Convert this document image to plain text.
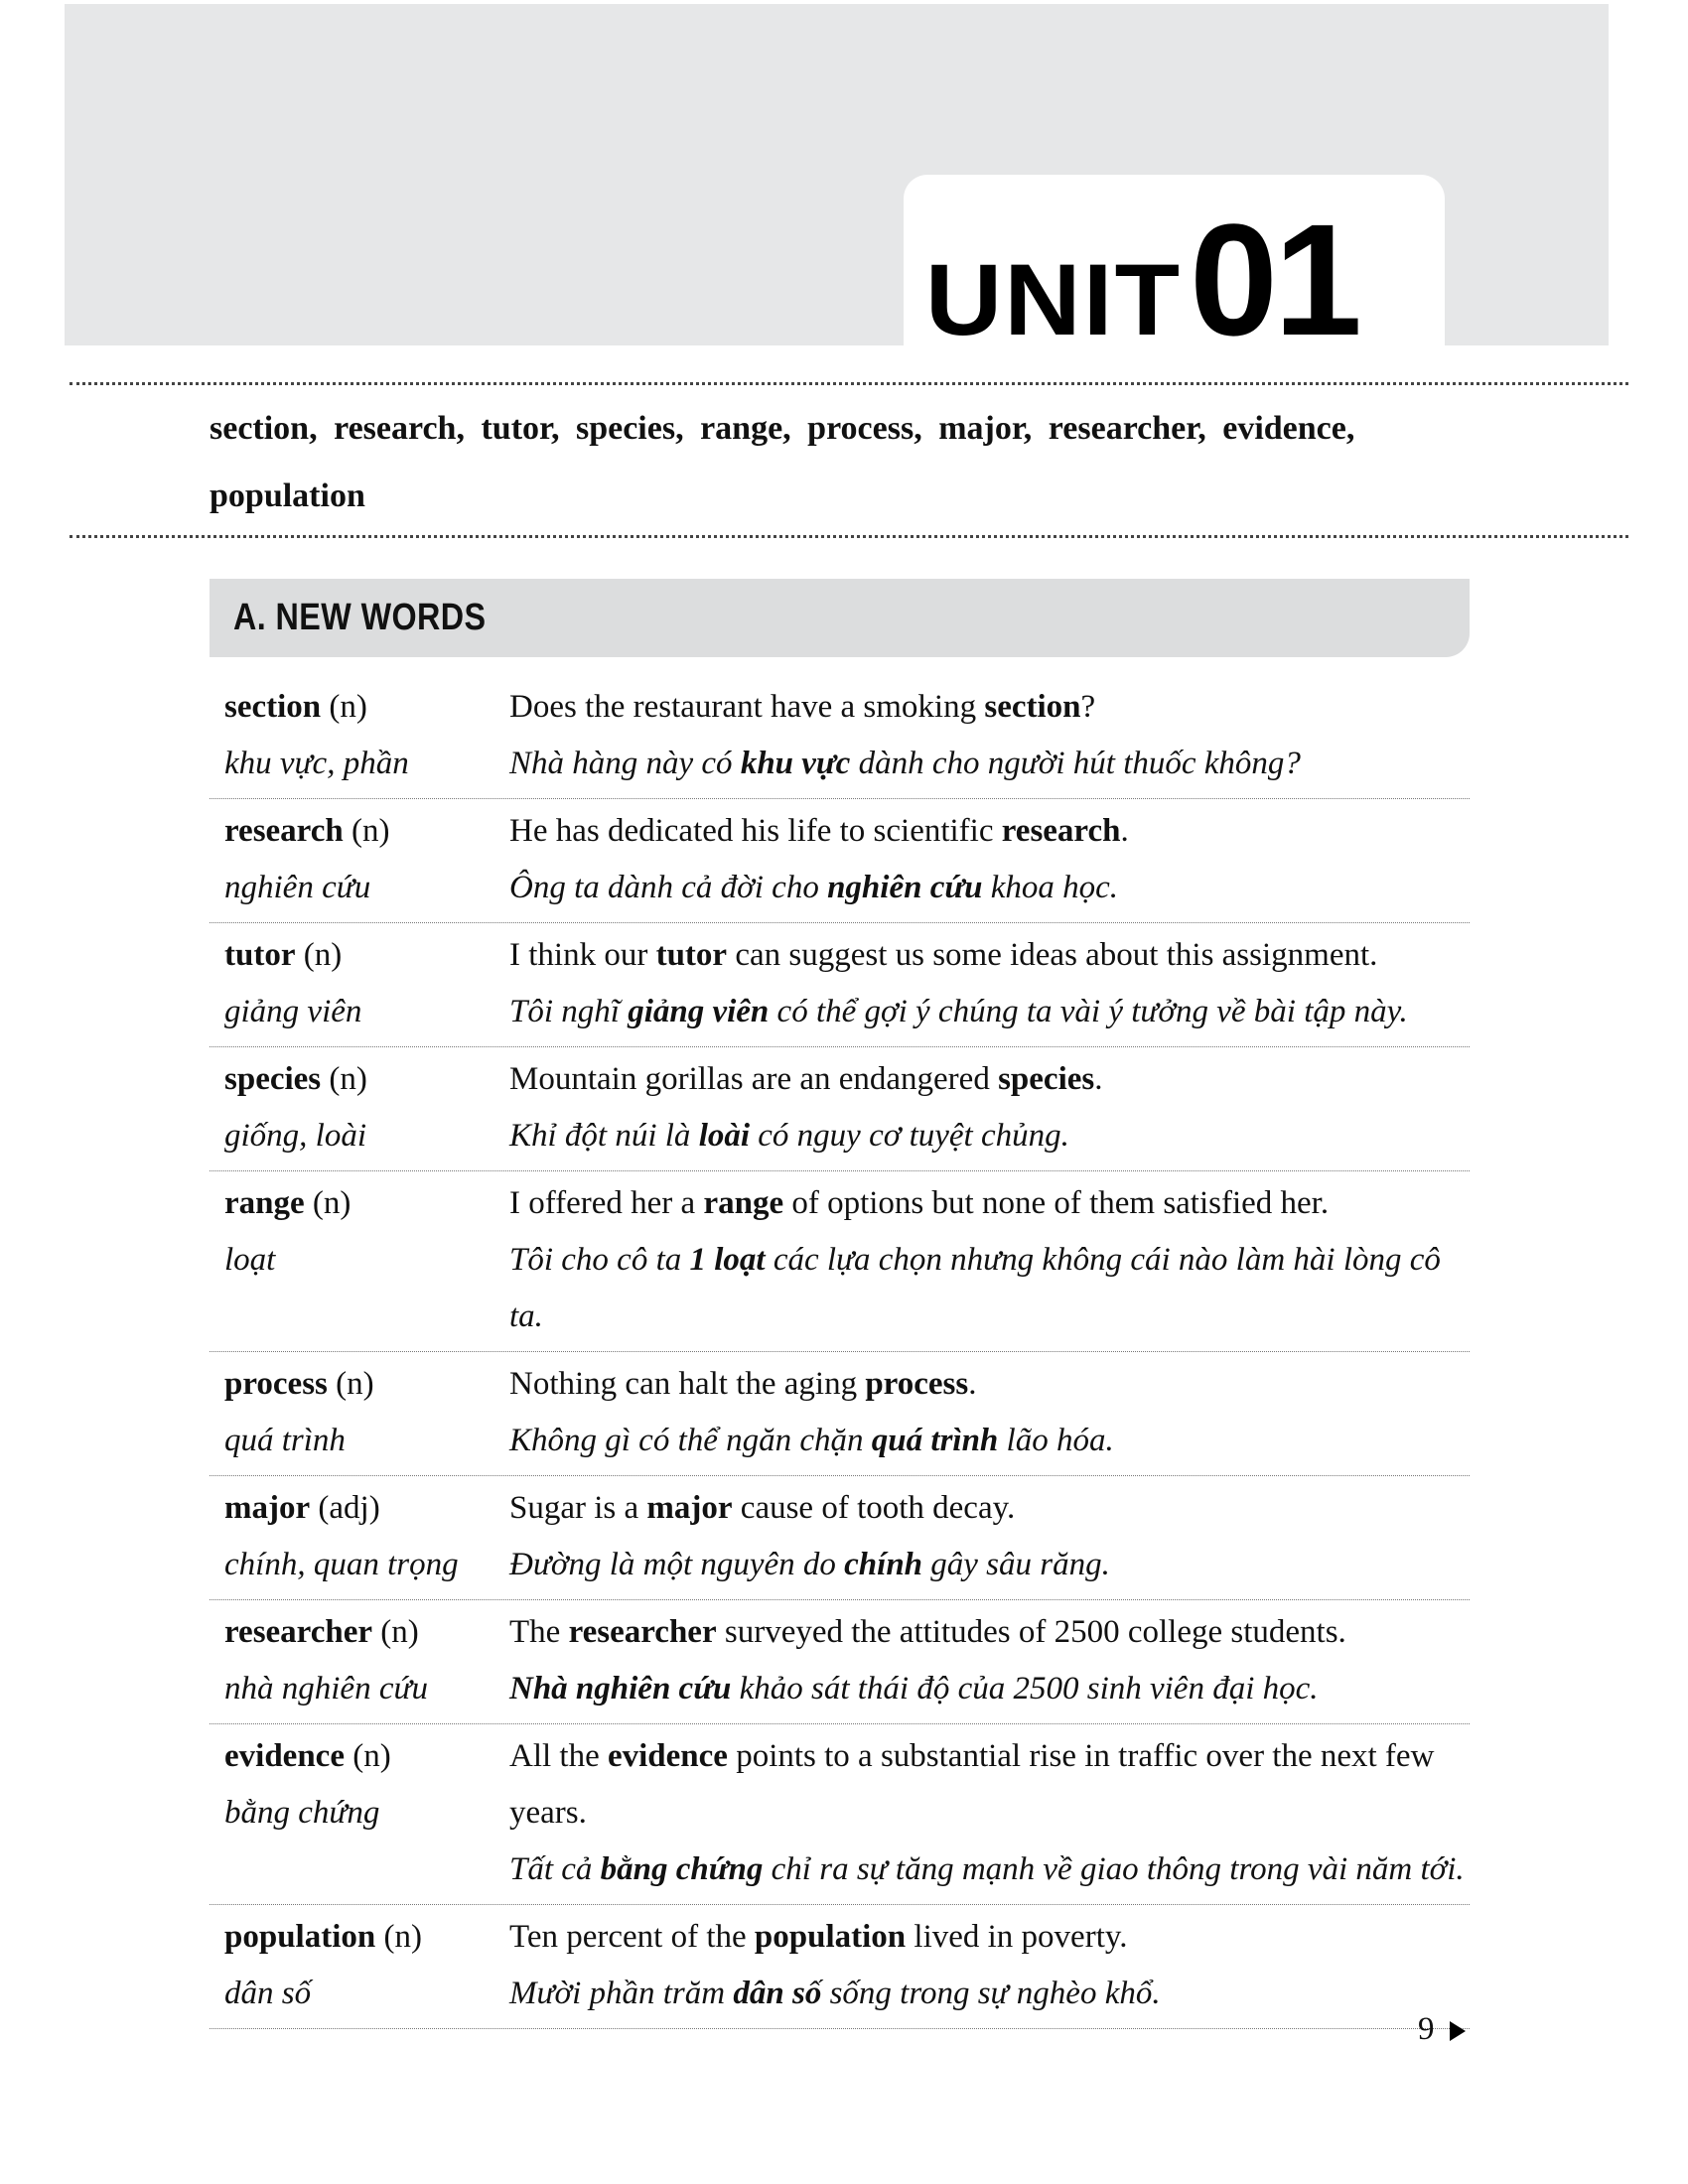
UNIT01
section, research, tutor, species, range, process, major, researcher, evidence, population
A. NEW WORDS
section (n)
khu vực, phần
Does the restaurant have a smoking section?
Nhà hàng này có khu vực dành cho người hút thuốc không?
research (n)
nghiên cứu
He has dedicated his life to scientific research.
Ông ta dành cả đời cho nghiên cứu khoa học.
tutor (n)
giảng viên
I think our tutor can suggest us some ideas about this assignment.
Tôi nghĩ giảng viên có thể gợi ý chúng ta vài ý tưởng về bài tập này.
species (n)
giống, loài
Mountain gorillas are an endangered species.
Khỉ đột núi là loài có nguy cơ tuyệt chủng.
range (n)
loạt
I offered her a range of options but none of them satisfied her.
Tôi cho cô ta 1 loạt các lựa chọn nhưng không cái nào làm hài lòng cô ta.
process (n)
quá trình
Nothing can halt the aging process.
Không gì có thể ngăn chặn quá trình lão hóa.
major (adj)
chính, quan trọng
Sugar is a major cause of tooth decay.
Đường là một nguyên do chính gây sâu răng.
researcher (n)
nhà nghiên cứu
The researcher surveyed the attitudes of 2500 college students.
Nhà nghiên cứu khảo sát thái độ của 2500 sinh viên đại học.
evidence (n)
bằng chứng
All the evidence points to a substantial rise in traffic over the next few years.
Tất cả bằng chứng chỉ ra sự tăng mạnh về giao thông trong vài năm tới.
population (n)
dân số
Ten percent of the population lived in poverty.
Mười phần trăm dân số sống trong sự nghèo khổ.
9
